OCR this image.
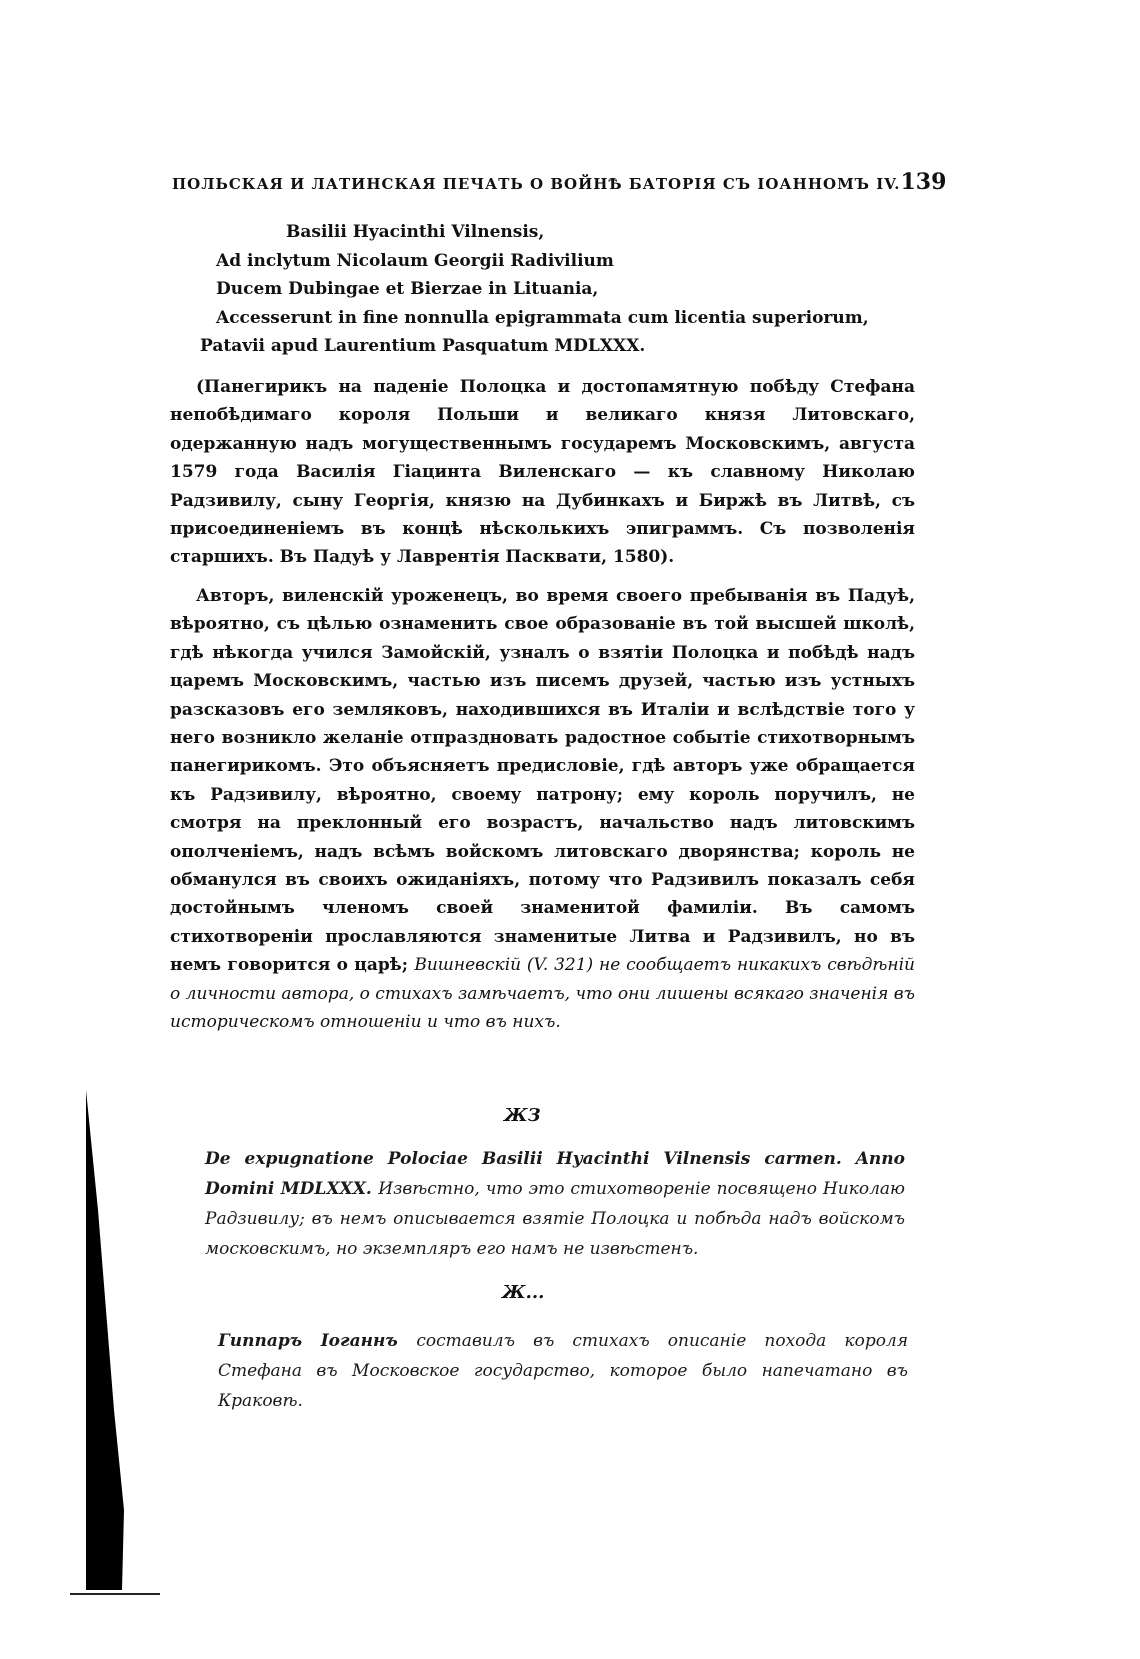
ПОЛЬСКАЯ И ЛАТИНСКАЯ ПЕЧАТЬ О ВОЙНѢ БАТОРІЯ СЪ ІОАННОМЪ IV. 139
Basilii Hyacinthi Vilnensis,
Ad inclytum Nicolaum Georgii Radivilium
Ducem Dubingae et Bierzae in Lituania,
Accesserunt in fine nonnulla epigrammata cum licentia superiorum,
Patavii apud Laurentium Pasquatum MDLXXX.
(Панегирикъ на паденіе Полоцка и достопамятную побѣду Стефана непобѣдимаго короля Польши и великаго князя Литовскаго, одержанную надъ могущественнымъ государемъ Московскимъ, августа 1579 года Василія Гіацинта Виленскаго — къ славному Николаю Радзивилу, сыну Георгія, князю на Дубинкахъ и Биржѣ въ Литвѣ, съ присоединеніемъ въ концѣ нѣсколькихъ эпиграммъ. Съ позволенія старшихъ. Въ Падуѣ у Лаврентія Пасквати, 1580).
Авторъ, виленскій уроженецъ, во время своего пребыванія въ Падуѣ, вѣроятно, съ цѣлью ознаменить свое образованіе въ той высшей школѣ, гдѣ нѣкогда учился Замойскій, узналъ о взятіи Полоцка и побѣдѣ надъ царемъ Московскимъ, частью изъ писемъ друзей, частью изъ устныхъ разсказовъ его земляковъ, находившихся въ Италіи и вслѣдствіе того у него возникло желаніе отпраздновать радостное событіе стихотворнымъ панегирикомъ. Это объясняетъ предисловіе, гдѣ авторъ уже обращается къ Радзивилу, вѣроятно, своему патрону; ему король поручилъ, не смотря на преклонный его возрастъ, начальство надъ литовскимъ ополченіемъ, надъ всѣмъ войскомъ литовскаго дворянства; король не обманулся въ своихъ ожиданіяхъ, потому что Радзивилъ показалъ себя достойнымъ членомъ своей знаменитой фамиліи. Въ самомъ стихотвореніи прославляются знаменитые Литва и Радзивилъ, но въ немъ говорится о царѣ; Вишневскій (V. 321) не сообщаетъ никакихъ свѣдѣній о личности автора, о стихахъ замѣчаетъ, что они лишены всякаго значенія въ историческомъ отношеніи и что въ нихъ.
ЖЗ
De expugnatione Polociae Basilii Hyacinthi Vilnensis carmen. Anno Domini MDLXXX. Извѣстно, что это стихотвореніе посвящено Николаю Радзивилу; въ немъ описывается взятіе Полоцка и побѣда надъ войскомъ московскимъ, но экземпляръ его намъ не извѣстенъ.
Ж...
Гиппаръ Іоганнъ составилъ въ стихахъ описаніе похода короля Стефана въ Московское государство, которое было напечатано въ Краковѣ.
